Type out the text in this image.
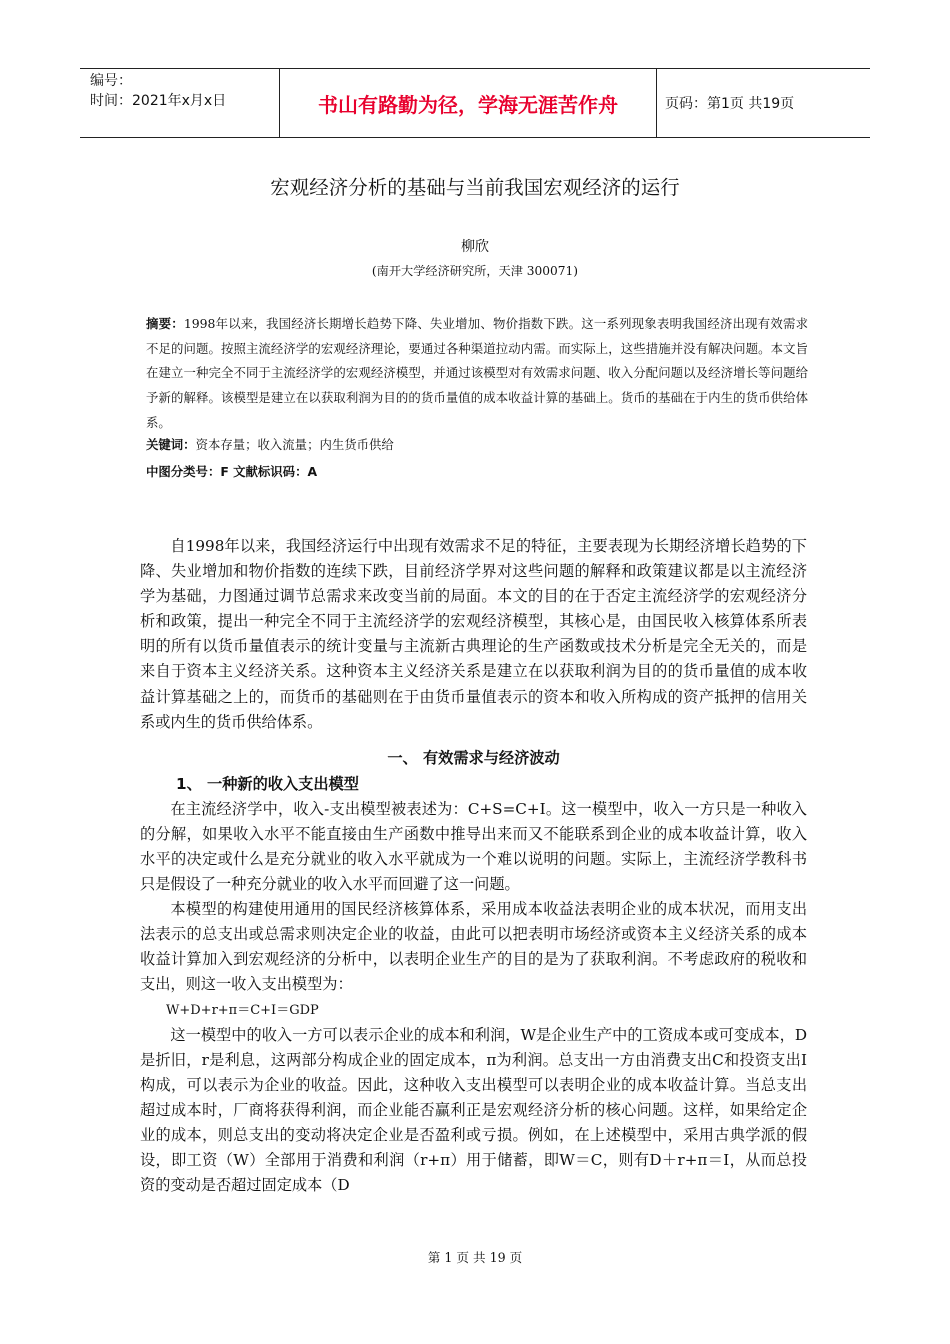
编号：
时间：2021年x月x日	书山有路勤为径，学海无涯苦作舟	页码：第1页 共19页
宏观经济分析的基础与当前我国宏观经济的运行
柳欣
(南开大学经济研究所，天津 300071)
摘要：1998年以来，我国经济长期增长趋势下降、失业增加、物价指数下跌。这一系列现象表明我国经济出现有效需求不足的问题。按照主流经济学的宏观经济理论，要通过各种渠道拉动内需。而实际上，这些措施并没有解决问题。本文旨在建立一种完全不同于主流经济学的宏观经济模型，并通过该模型对有效需求问题、收入分配问题以及经济增长等问题给予新的解释。该模型是建立在以获取利润为目的的货币量值的成本收益计算的基础上。货币的基础在于内生的货币供给体系。
关键词：资本存量；收入流量；内生货币供给
中图分类号：F 文献标识码：A

自1998年以来，我国经济运行中出现有效需求不足的特征，主要表现为长期经济增长趋势的下降、失业增加和物价指数的连续下跌，目前经济学界对这些问题的解释和政策建议都是以主流经济学为基础，力图通过调节总需求来改变当前的局面。本文的目的在于否定主流经济学的宏观经济分析和政策，提出一种完全不同于主流经济学的宏观经济模型，其核心是，由国民收入核算体系所表明的所有以货币量值表示的统计变量与主流新古典理论的生产函数或技术分析是完全无关的，而是来自于资本主义经济关系。这种资本主义经济关系是建立在以获取利润为目的的货币量值的成本收益计算基础之上的，而货币的基础则在于由货币量值表示的资本和收入所构成的资产抵押的信用关系或内生的货币供给体系。

一、 有效需求与经济波动
1、 一种新的收入支出模型

在主流经济学中，收入-支出模型被表述为：C+S=C+I。这一模型中，收入一方只是一种收入的分解，如果收入水平不能直接由生产函数中推导出来而又不能联系到企业的成本收益计算，收入水平的决定或什么是充分就业的收入水平就成为一个难以说明的问题。实际上，主流经济学教科书只是假设了一种充分就业的收入水平而回避了这一问题。

本模型的构建使用通用的国民经济核算体系，采用成本收益法表明企业的成本状况，而用支出法表示的总支出或总需求则决定企业的收益，由此可以把表明市场经济或资本主义经济关系的成本收益计算加入到宏观经济的分析中，以表明企业生产的目的是为了获取利润。不考虑政府的税收和支出，则这一收入支出模型为：

W+D+r+π＝C+I＝GDP

这一模型中的收入一方可以表示企业的成本和利润，W是企业生产中的工资成本或可变成本，D是折旧，r是利息，这两部分构成企业的固定成本，π为利润。总支出一方由消费支出C和投资支出I构成，可以表示为企业的收益。因此，这种收入支出模型可以表明企业的成本收益计算。当总支出超过成本时，厂商将获得利润，而企业能否赢利正是宏观经济分析的核心问题。这样，如果给定企业的成本，则总支出的变动将决定企业是否盈利或亏损。例如，在上述模型中，采用古典学派的假设，即工资（W）全部用于消费和利润（r+π）用于储蓄，即W＝C，则有D＋r+π＝I，从而总投资的变动是否超过固定成本（D

第 1 页 共 19 页
